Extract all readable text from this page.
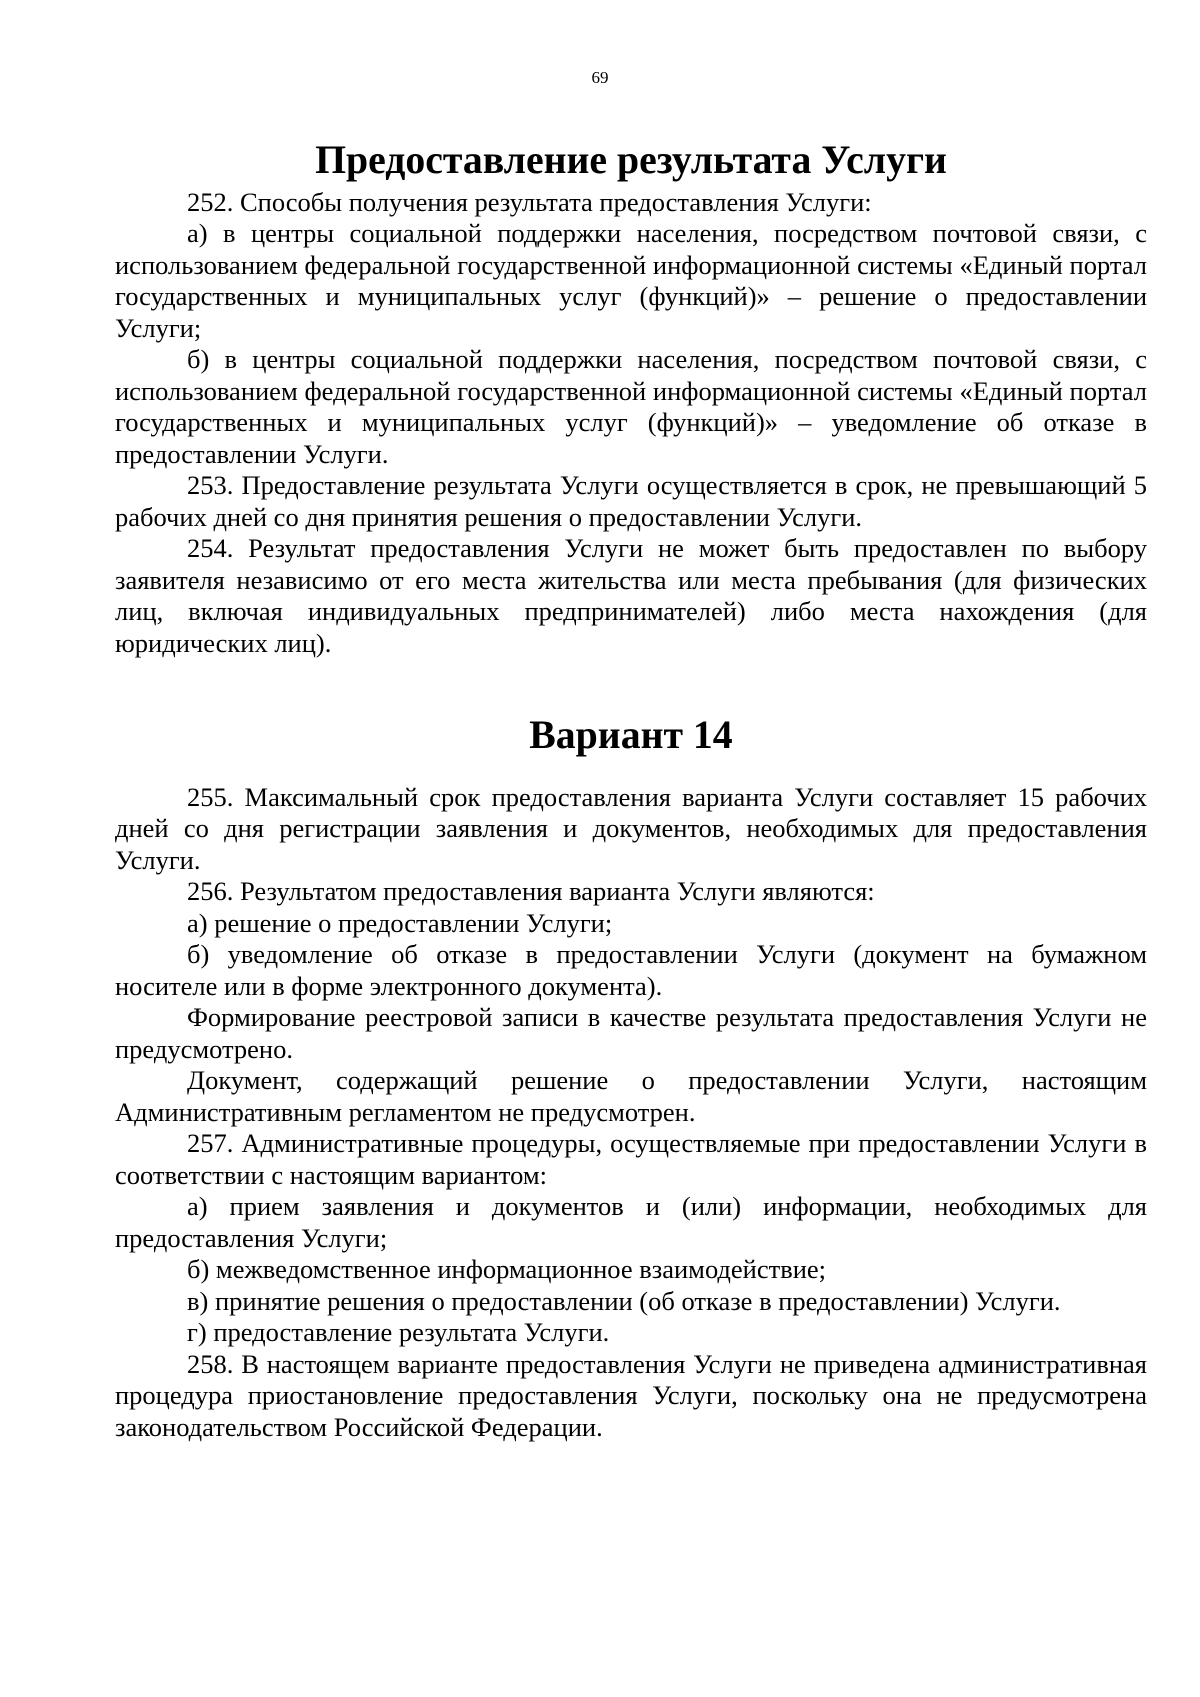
69
Предоставление результата Услуги

252. Способы получения результата предоставления Услуги:

а) в центры социальной поддержки населения, посредством почтовой связи, с использованием федеральной государственной информационной системы «Единый портал государственных и муниципальных услуг (функций)» – решение о предоставлении Услуги;

б) в центры социальной поддержки населения, посредством почтовой связи, с использованием федеральной государственной информационной системы «Единый портал государственных и муниципальных услуг (функций)» – уведомление об отказе в предоставлении Услуги.

253. Предоставление результата Услуги осуществляется в срок, не превышающий 5 рабочих дней со дня принятия решения о предоставлении Услуги.

254. Результат предоставления Услуги не может быть предоставлен по выбору заявителя независимо от его места жительства или места пребывания (для физических лиц, включая индивидуальных предпринимателей) либо места нахождения (для юридических лиц).

Вариант 14

255. Максимальный срок предоставления варианта Услуги составляет 15 рабочих дней со дня регистрации заявления и документов, необходимых для предоставления Услуги.

256. Результатом предоставления варианта Услуги являются:

а) решение о предоставлении Услуги;

б) уведомление об отказе в предоставлении Услуги (документ на бумажном носителе или в форме электронного документа).

Формирование реестровой записи в качестве результата предоставления Услуги не предусмотрено.

Документ, содержащий решение о предоставлении Услуги, настоящим Административным регламентом не предусмотрен.

257. Административные процедуры, осуществляемые при предоставлении Услуги в соответствии с настоящим вариантом:

а) прием заявления и документов и (или) информации, необходимых для предоставления Услуги;

б) межведомственное информационное взаимодействие;

в) принятие решения о предоставлении (об отказе в предоставлении) Услуги.

г) предоставление результата Услуги.

258. В настоящем варианте предоставления Услуги не приведена административная процедура приостановление предоставления Услуги, поскольку она не предусмотрена законодательством Российской Федерации.
